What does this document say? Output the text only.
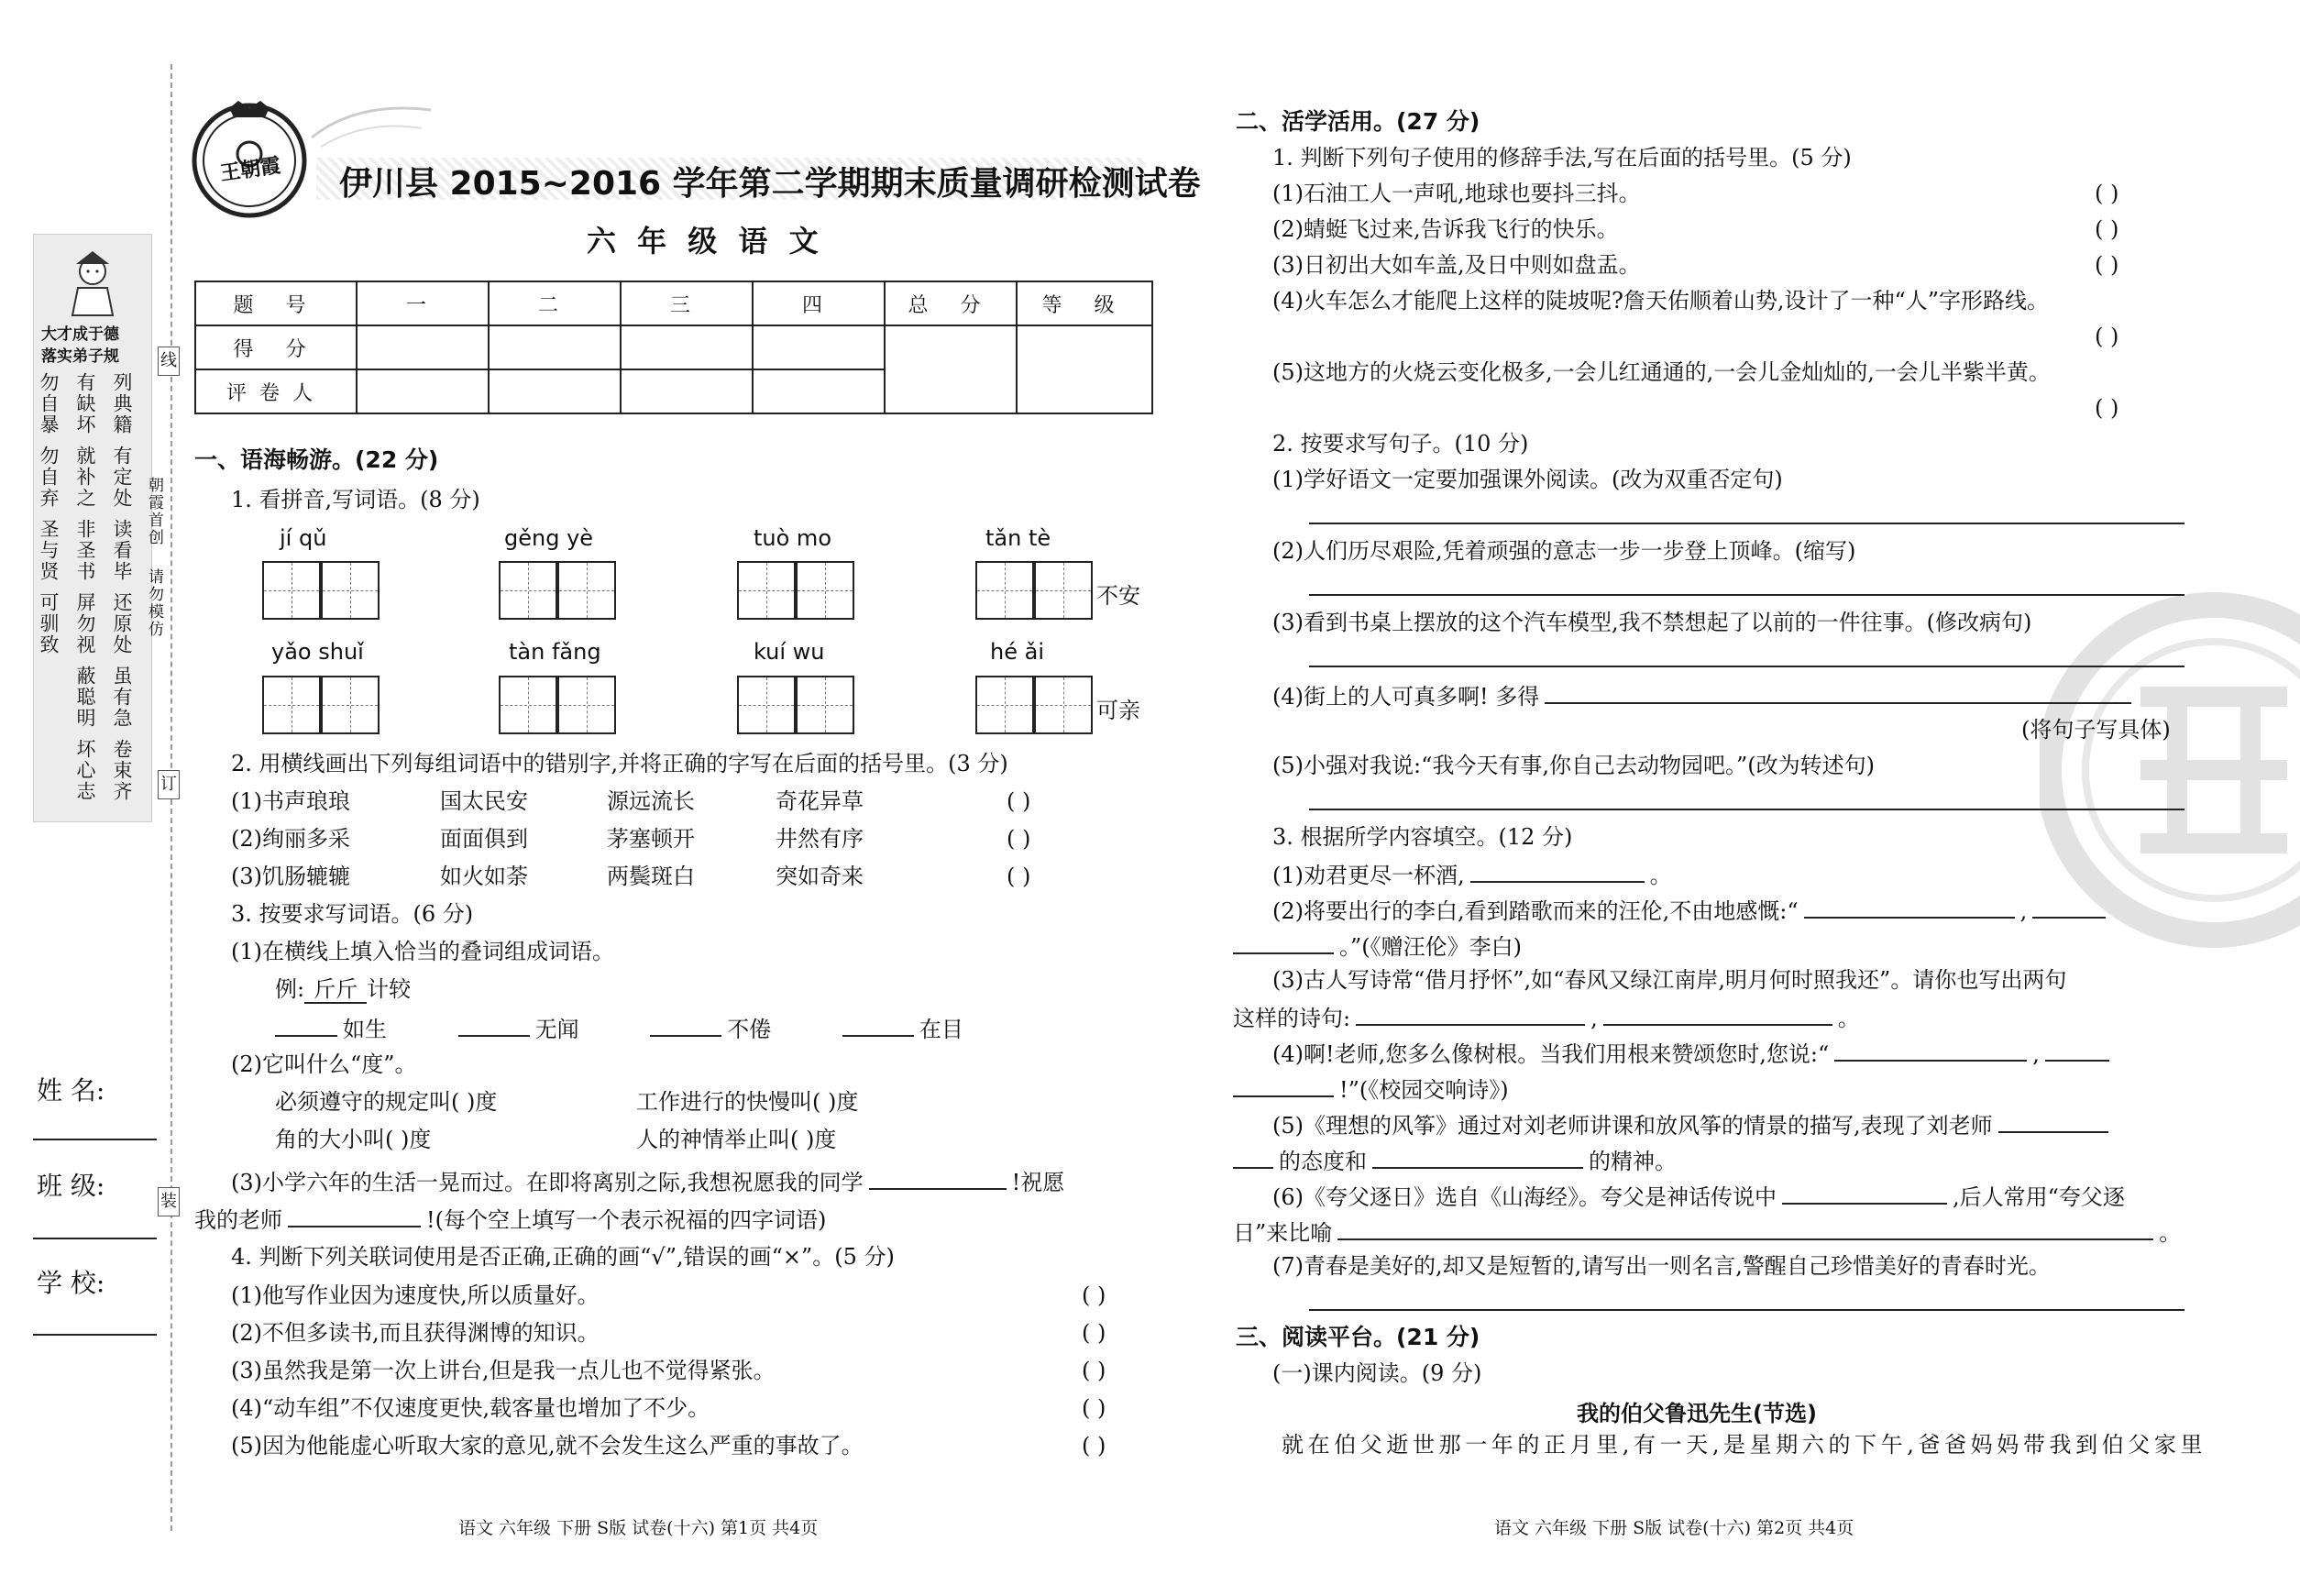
线
订
装
大才成于德
落实弟子规
勿自暴
勿自弃
圣与贤
可驯致
有缺坏
就补之
非圣书
屏勿视
蔽聪明
坏心志
列典籍
有定处
读看毕
还原处
虽有急
卷束齐
朝霞首创
请勿模仿
姓 名:
班 级:
学 校:
王朝霞 伊川县 2015~2016 学年第二学期期末质量调研检测试卷
六 年 级 语 文
题 号	一	二	三	四	总 分	等 级
得 分						
评卷人						
一、语海畅游。(22 分)
1. 看拼音,写词语。(8 分)
jí qǔ	gěng yè	tuò mo	tǎn tè
不安
yǎo shuǐ	tàn fǎng	kuí wu	hé ǎi
可亲
2. 用横线画出下列每组词语中的错别字,并将正确的字写在后面的括号里。(3 分)
(1)书声琅琅	国太民安	源远流长	奇花异草
(2)绚丽多采	面面俱到	茅塞顿开	井然有序
(3)饥肠辘辘	如火如荼	两鬓斑白	突如奇来
( )
( )
( )
3. 按要求写词语。(6 分)
(1)在横线上填入恰当的叠词组成词语。
例: 斤斤 计较
如生	无闻	不倦	在目
(2)它叫什么“度”。
必须遵守的规定叫( )度	工作进行的快慢叫( )度
角的大小叫( )度	人的神情举止叫( )度
(3)小学六年的生活一晃而过。在即将离别之际,我想祝愿我的同学	!祝愿
我的老师	!(每个空上填写一个表示祝福的四字词语)
4. 判断下列关联词使用是否正确,正确的画“√”,错误的画“×”。(5 分)
(1)他写作业因为速度快,所以质量好。
(2)不但多读书,而且获得渊博的知识。
(3)虽然我是第一次上讲台,但是我一点儿也不觉得紧张。
(4)“动车组”不仅速度更快,载客量也增加了不少。
(5)因为他能虚心听取大家的意见,就不会发生这么严重的事故了。
( )
( )
( )
( )
( )
语文 六年级 下册 S版 试卷(十六) 第1页 共4页
二、活学活用。(27 分)
1. 判断下列句子使用的修辞手法,写在后面的括号里。(5 分)
(1)石油工人一声吼,地球也要抖三抖。
(2)蜻蜓飞过来,告诉我飞行的快乐。
(3)日初出大如车盖,及日中则如盘盂。
(4)火车怎么才能爬上这样的陡坡呢?詹天佑顺着山势,设计了一种“人”字形路线。
(5)这地方的火烧云变化极多,一会儿红通通的,一会儿金灿灿的,一会儿半紫半黄。
( )
( )
( )
( )
( )
2. 按要求写句子。(10 分)
(1)学好语文一定要加强课外阅读。(改为双重否定句)
(2)人们历尽艰险,凭着顽强的意志一步一步登上顶峰。(缩写)
(3)看到书桌上摆放的这个汽车模型,我不禁想起了以前的一件往事。(修改病句)
(4)街上的人可真多啊! 多得
(将句子写具体)
(5)小强对我说:“我今天有事,你自己去动物园吧。”(改为转述句)
3. 根据所学内容填空。(12 分)
(1)劝君更尽一杯酒,	。
(2)将要出行的李白,看到踏歌而来的汪伦,不由地感慨:“	,
。”(《赠汪伦》李白)
(3)古人写诗常“借月抒怀”,如“春风又绿江南岸,明月何时照我还”。请你也写出两句
这样的诗句:	,	。
(4)啊!老师,您多么像树根。当我们用根来赞颂您时,您说:“	,
!”(《校园交响诗》)
(5)《理想的风筝》通过对刘老师讲课和放风筝的情景的描写,表现了刘老师
的态度和	的精神。
(6)《夸父逐日》选自《山海经》。夸父是神话传说中	,后人常用“夸父逐
日”来比喻	。
(7)青春是美好的,却又是短暂的,请写出一则名言,警醒自己珍惜美好的青春时光。
三、阅读平台。(21 分)
(一)课内阅读。(9 分)
我的伯父鲁迅先生(节选)
就在伯父逝世那一年的正月里,有一天,是星期六的下午,爸爸妈妈带我到伯父家里
语文 六年级 下册 S版 试卷(十六) 第2页 共4页
